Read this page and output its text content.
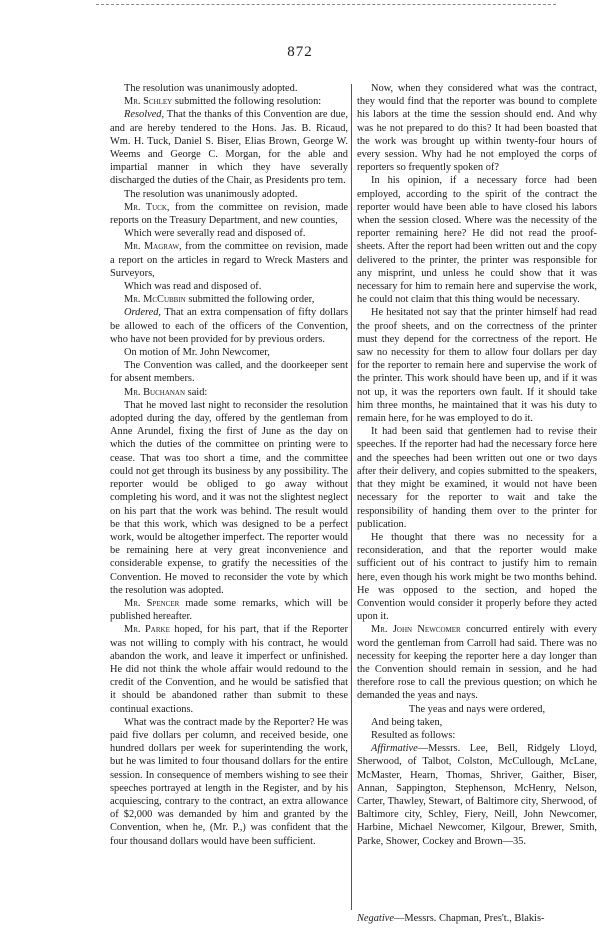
872

The resolution was unanimously adopted.

Mr. Schley submitted the following resolution:

Resolved, That the thanks of this Convention are due, and are hereby tendered to the Hons. Jas. B. Ricaud, Wm. H. Tuck, Daniel S. Biser, Elias Brown, George W. Weems and George C. Morgan, for the able and impartial manner in which they have severally discharged the duties of the Chair, as Presidents pro tem.

The resolution was unanimously adopted.

Mr. Tuck, from the committee on revision, made reports on the Treasury Department, and new counties,

Which were severally read and disposed of.

Mr. Magraw, from the committee on revision, made a report on the articles in regard to Wreck Masters and Surveyors,

Which was read and disposed of.

Mr. McCubbin submitted the following order,

Ordered, That an extra compensation of fifty dollars be allowed to each of the officers of the Convention, who have not been provided for by previous orders.

On motion of Mr. John Newcomer,

The Convention was called, and the doorkeeper sent for absent members.

Mr. Buchanan said:

That he moved last night to reconsider the resolution adopted during the day, offered by the gentleman from Anne Arundel, fixing the first of June as the day on which the duties of the committee on printing were to cease. That was too short a time, and the committee could not get through its business by any possibility. The reporter would be obliged to go away without completing his word, and it was not the slightest neglect on his part that the work was behind. The result would be that this work, which was designed to be a perfect work, would be altogether imperfect. The reporter would be remaining here at very great inconvenience and considerable expense, to gratify the necessities of the Convention. He moved to reconsider the vote by which the resolution was adopted.

Mr. Spencer made some remarks, which will be published hereafter.

Mr. Parke hoped, for his part, that if the Reporter was not willing to comply with his contract, he would abandon the work, and leave it imperfect or unfinished. He did not think the whole affair would redound to the credit of the Convention, and he would be satisfied that it should be abandoned rather than submit to these continual exactions.

What was the contract made by the Reporter? He was paid five dollars per column, and received beside, one hundred dollars per week for superintending the work, but he was limited to four thousand dollars for the entire session. In consequence of members wishing to see their speeches portrayed at length in the Register, and by his acquiescing, contrary to the contract, an extra allowance of $2,000 was demanded by him and granted by the Convention, when he, (Mr. P.,) was confident that the four thousand dollars would have been sufficient.

Now, when they considered what was the contract, they would find that the reporter was bound to complete his labors at the time the session should end. And why was he not prepared to do this? It had been boasted that the work was brought up within twenty-four hours of every session. Why had he not employed the corps of reporters so frequently spoken of?

In his opinion, if a necessary force had been employed, according to the spirit of the contract the reporter would have been able to have closed his labors when the session closed. Where was the necessity of the reporter remaining here? He did not read the proof-sheets. After the report had been written out and the copy delivered to the printer, the printer was responsible for any misprint, und unless he could show that it was necessary for him to remain here and supervise the work, he could not claim that this thing would be necessary.

He hesitated not say that the printer himself had read the proof sheets, and on the correctness of the printer must they depend for the correctness of the report. He saw no necessity for them to allow four dollars per day for the reporter to remain here and supervise the work of the printer. This work should have been up, and if it was not up, it was the reporters own fault. If it should take him three months, he maintained that it was his duty to remain here, for he was employed to do it.

It had been said that gentlemen had to revise their speeches. If the reporter had had the necessary force here and the speeches had been written out one or two days after their delivery, and copies submitted to the speakers, that they might be examined, it would not have been necessary for the reporter to wait and take the responsibility of handing them over to the printer for publication.

He thought that there was no necessity for a reconsideration, and that the reporter would make sufficient out of his contract to justify him to remain here, even though his work might be two months behind. He was opposed to the section, and hoped the Convention would consider it properly before they acted upon it.

Mr. John Newcomer concurred entirely with every word the gentleman from Carroll had said. There was no necessity for keeping the reporter here a day longer than the Convention should remain in session, and he had therefore rose to call the previous question; on which he demanded the yeas and nays.

The yeas and nays were ordered,

And being taken,

Resulted as follows:

Affirmative—Messrs. Lee, Bell, Ridgely Lloyd, Sherwood, of Talbot, Colston, McCullough, McLane, McMaster, Hearn, Thomas, Shriver, Gaither, Biser, Annan, Sappington, Stephenson, McHenry, Nelson, Carter, Thawley, Stewart, of Baltimore city, Sherwood, of Baltimore city, Schley, Fiery, Neill, John Newcomer, Harbine, Michael Newcomer, Kilgour, Brewer, Smith, Parke, Shower, Cockey and Brown—35.

Negative—Messrs. Chapman, Pres't., Blakis-
